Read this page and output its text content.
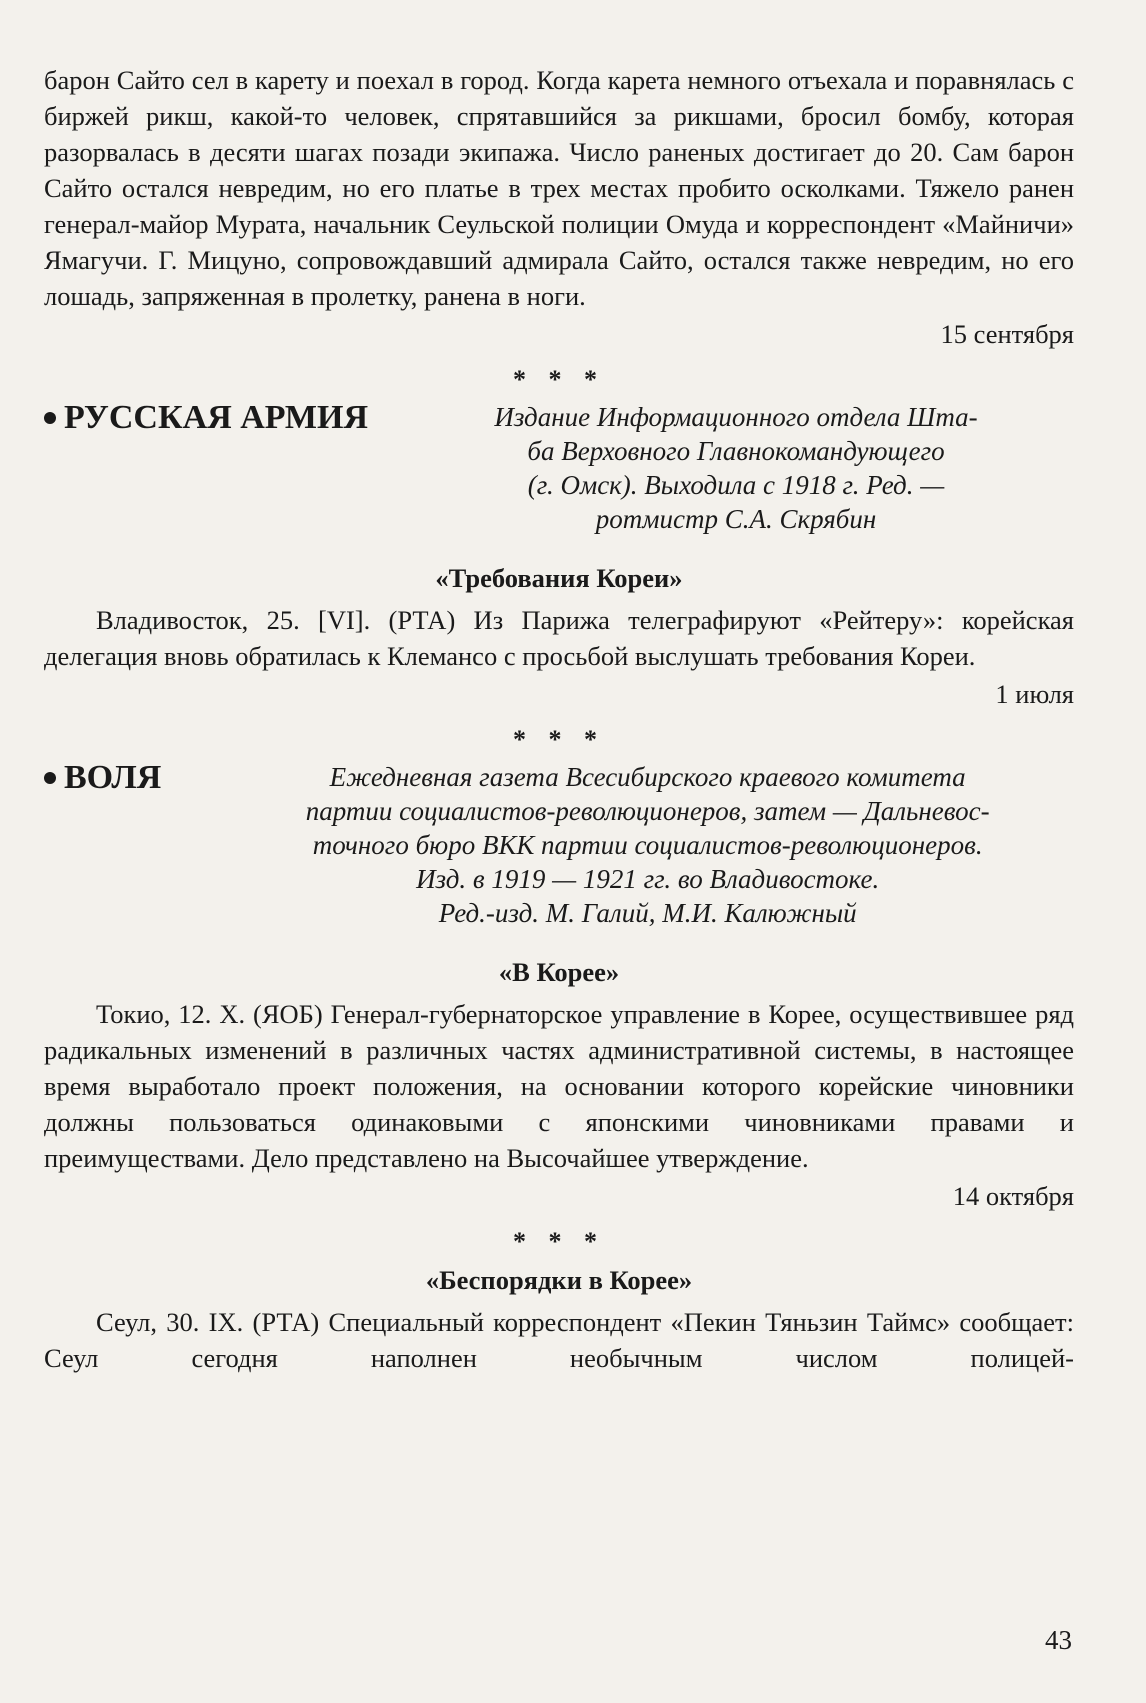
барон Сайто сел в карету и поехал в город. Когда карета немного отъехала и поравнялась с биржей рикш, какой-то человек, спрятавшийся за рикшами, бросил бомбу, которая разорвалась в десяти шагах позади экипажа. Число раненых достигает до 20. Сам барон Сайто остался невредим, но его платье в трех местах пробито осколками. Тяжело ранен генерал-майор Мурата, начальник Сеульской полиции Омуда и корреспондент «Майничи» Ямагучи. Г. Мицуно, сопровождавший адмирала Сайто, остался также невредим, но его лошадь, запряженная в пролетку, ранена в ноги.

15 сентября

* * *
РУССКАЯ АРМИЯ	Издание Информационного отдела Шта-
ба Верховного Главнокомандующего
(г. Омск). Выходила с 1918 г. Ред. —
ротмистр С.А. Скрябин
«Требования Кореи»

Владивосток, 25. [VI]. (РТА) Из Парижа телеграфируют «Рейтеру»: корейская делегация вновь обратилась к Клемансо с просьбой выслушать требования Кореи.

1 июля

* * *
ВОЛЯ	Ежедневная газета Всесибирского краевого комитета
партии социалистов-революционеров, затем — Дальневос-
точного бюро ВКК партии социалистов-революционеров.
Изд. в 1919 — 1921 гг. во Владивостоке.
Ред.-изд. М. Галий, М.И. Калюжный
«В Корее»

Токио, 12. X. (ЯОБ) Генерал-губернаторское управление в Корее, осуществившее ряд радикальных изменений в различных частях административной системы, в настоящее время выработало проект положения, на основании которого корейские чиновники должны пользоваться одинаковыми с японскими чиновниками правами и преимуществами. Дело представлено на Высочайшее утверждение.

14 октября

* * *
«Беспорядки в Корее»

Сеул, 30. IX. (РТА) Специальный корреспондент «Пекин Тяньзин Таймс» сообщает: Сеул сегодня наполнен необычным числом полицей-

43
